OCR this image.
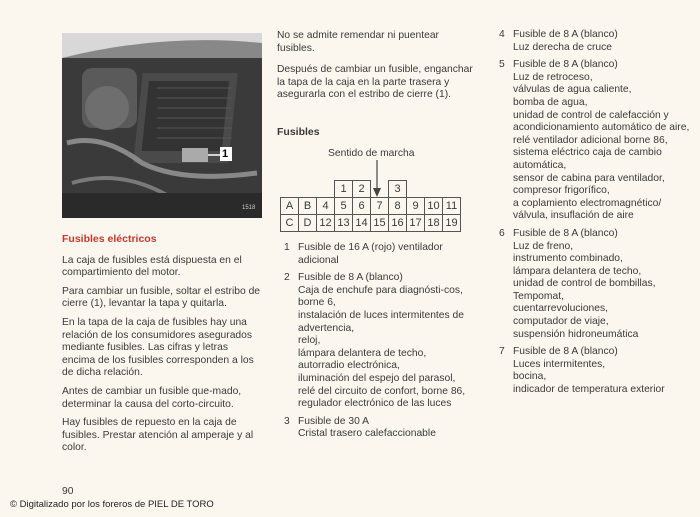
1
1518

Fusibles eléctricos

La caja de fusibles está dispuesta en el compartimiento del motor.

Para cambiar un fusible, soltar el estribo de cierre (1), levantar la tapa y quitarla.

En la tapa de la caja de fusibles hay una relación de los consumidores asegurados mediante fusibles. Las cifras y letras encima de los fusibles corresponden a los de dicha relación.

Antes de cambiar un fusible que-mado, determinar la causa del corto-circuito.

Hay fusibles de repuesto en la caja de fusibles. Prestar atención al amperaje y al color.

90

No se admite remendar ni puentear fusibles.

Después de cambiar un fusible, enganchar la tapa de la caja en la parte trasera y asegurarla con el estribo de cierre (1).

Fusibles
Sentido de marcha
			1	2		3			
A	B	4	5	6	7	8	9	10	11
C	D	12	13	14	15	16	17	18	19
1 Fusible de 16 A (rojo) ventilador adicional
2 Fusible de 8 A (blanco)
Caja de enchufe para diagnósti-cos, borne 6,
instalación de luces intermitentes de advertencia,
reloj,
lámpara delantera de techo,
autorradio electrónica,
iluminación del espejo del parasol,
relé del circuito de confort, borne 86, regulador electrónico de las luces
3 Fusible de 30 A
Cristal trasero calefaccionable
4 Fusible de 8 A (blanco)
Luz derecha de cruce
5 Fusible de 8 A (blanco)
Luz de retroceso,
válvulas de agua caliente,
bomba de agua,
unidad de control de calefacción y acondicionamiento automático de aire,
relé ventilador adicional borne 86,
sistema eléctrico caja de cambio automática,
sensor de cabina para ventilador,
compresor frigorífico,
a coplamiento electromagnético/ válvula, insuflación de aire
6 Fusible de 8 A (blanco)
Luz de freno,
instrumento combinado,
lámpara delantera de techo,
unidad de control de bombillas,
Tempomat,
cuentarrevoluciones,
computador de viaje,
suspensión hidroneumática
7 Fusible de 8 A (blanco)
Luces intermitentes,
bocina,
indicador de temperatura exterior
© Digitalizado por los foreros de PIEL DE TORO
